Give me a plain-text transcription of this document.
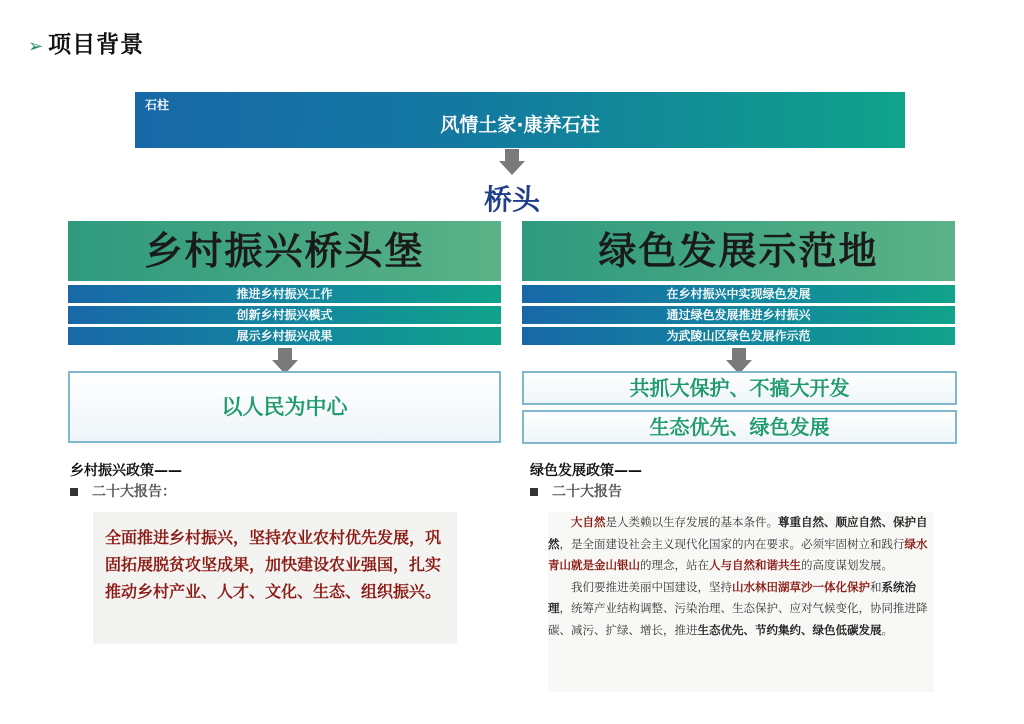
➢ 项目背景
石柱
风情土家·康养石柱
桥头
乡村振兴桥头堡
推进乡村振兴工作
创新乡村振兴模式
展示乡村振兴成果
以人民为中心
乡村振兴政策——
二十大报告：

全面推进乡村振兴，坚持农业农村优先发展，巩固拓展脱贫攻坚成果，加快建设农业强国，扎实推动乡村产业、人才、文化、生态、组织振兴。

绿色发展示范地
在乡村振兴中实现绿色发展
通过绿色发展推进乡村振兴
为武陵山区绿色发展作示范
共抓大保护、不搞大开发
生态优先、绿色发展
绿色发展政策——
二十大报告

大自然是人类赖以生存发展的基本条件。尊重自然、顺应自然、保护自然，是全面建设社会主义现代化国家的内在要求。必须牢固树立和践行绿水青山就是金山银山的理念，站在人与自然和谐共生的高度谋划发展。

我们要推进美丽中国建设，坚持山水林田湖草沙一体化保护和系统治理，统筹产业结构调整、污染治理、生态保护、应对气候变化，协同推进降碳、减污、扩绿、增长，推进生态优先、节约集约、绿色低碳发展。
